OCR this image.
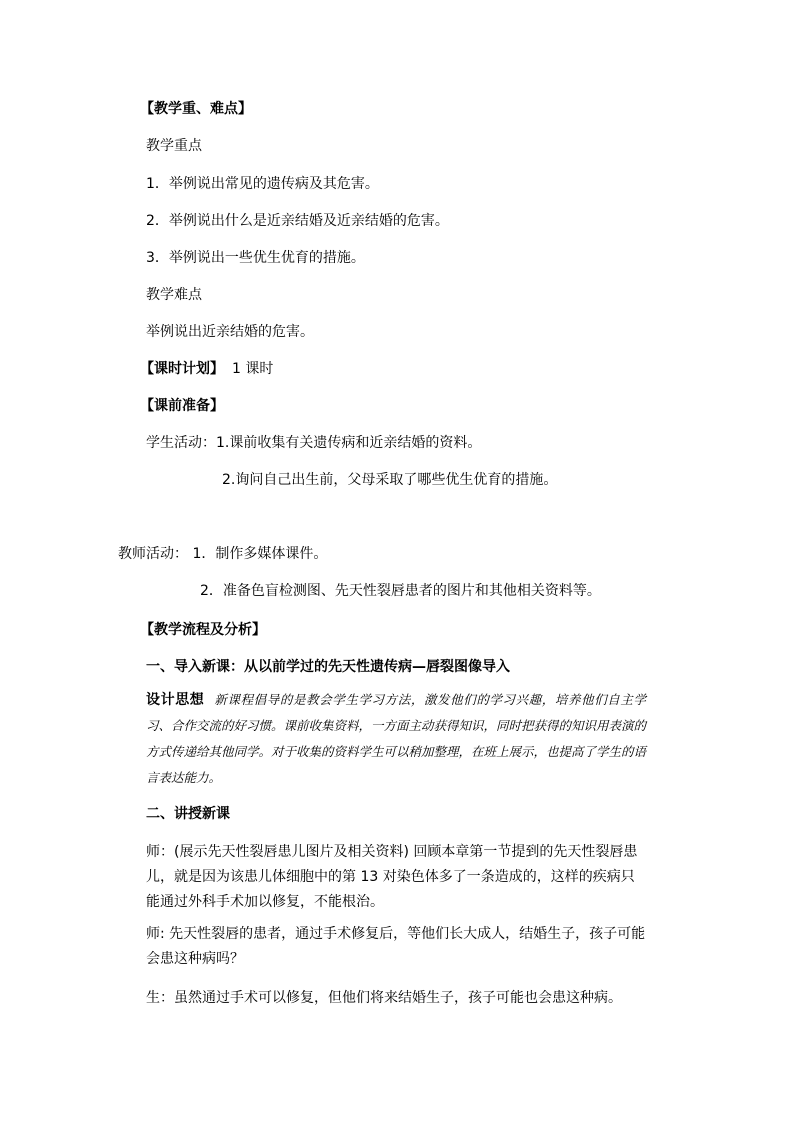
【教学重、难点】
教学重点
1．举例说出常见的遗传病及其危害。
2．举例说出什么是近亲结婚及近亲结婚的危害。
3．举例说出一些优生优育的措施。
教学难点
举例说出近亲结婚的危害。
【课时计划】 1 课时
【课前准备】
学生活动：1.课前收集有关遗传病和近亲结婚的资料。
2.询问自己出生前，父母采取了哪些优生优育的措施。
教师活动： 1．制作多媒体课件。
2．准备色盲检测图、先天性裂唇患者的图片和其他相关资料等。
【教学流程及分析】
一、导入新课：从以前学过的先天性遗传病—唇裂图像导入
设计思想 新课程倡导的是教会学生学习方法，激发他们的学习兴趣，培养他们自主学习、合作交流的好习惯。课前收集资料，一方面主动获得知识，同时把获得的知识用表演的方式传递给其他同学。对于收集的资料学生可以稍加整理，在班上展示，也提高了学生的语言表达能力。
二、讲授新课
师：(展示先天性裂唇患儿图片及相关资料) 回顾本章第一节提到的先天性裂唇患儿，就是因为该患儿体细胞中的第 13 对染色体多了一条造成的，这样的疾病只能通过外科手术加以修复，不能根治。
师: 先天性裂唇的患者，通过手术修复后，等他们长大成人，结婚生子，孩子可能会患这种病吗？
生：虽然通过手术可以修复，但他们将来结婚生子，孩子可能也会患这种病。
